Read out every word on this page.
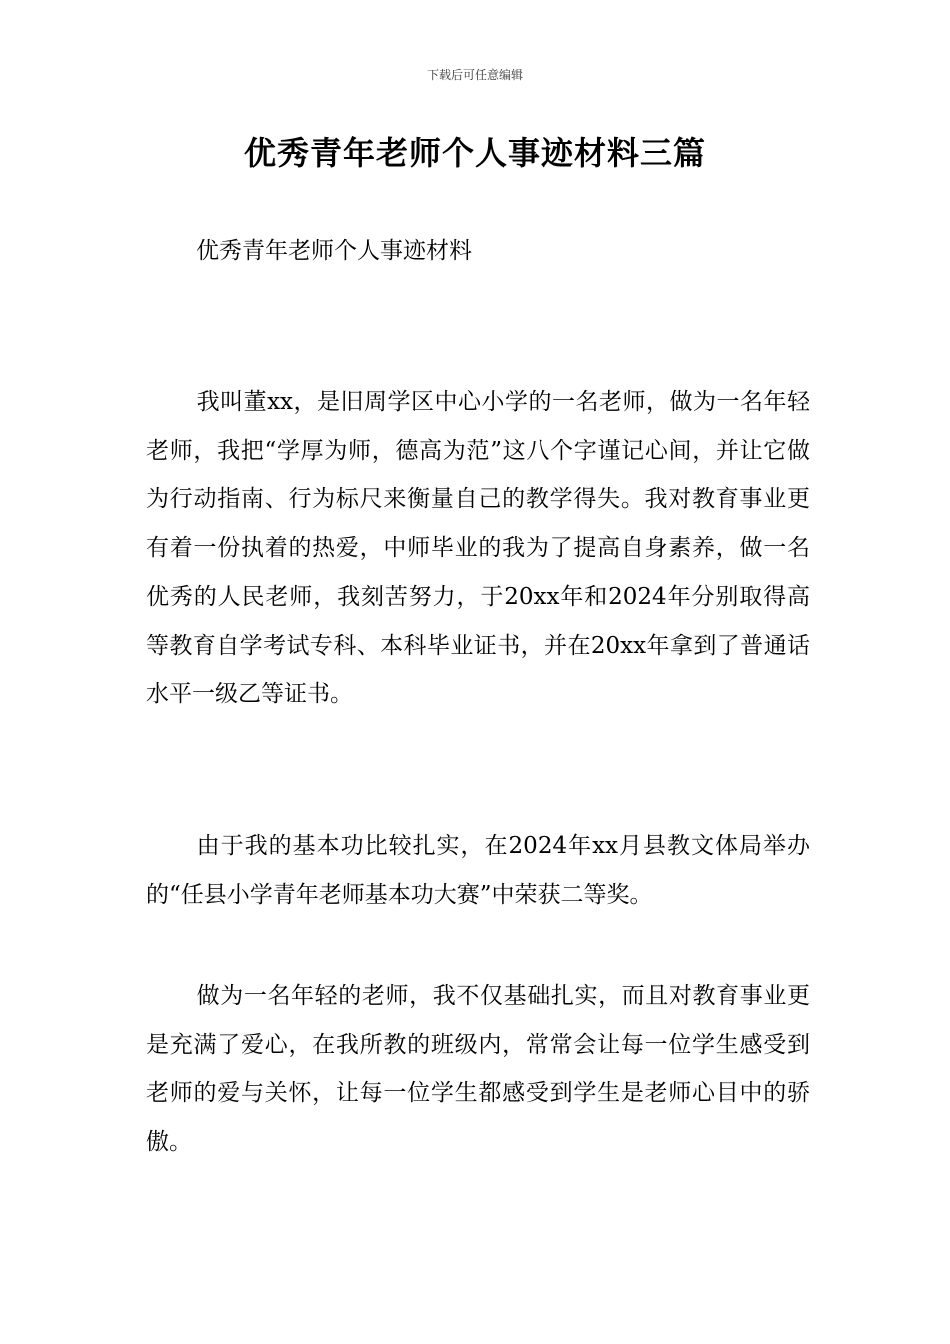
下载后可任意编辑
优秀青年老师个人事迹材料三篇

优秀青年老师个人事迹材料

我叫董xx，是旧周学区中心小学的一名老师，做为一名年轻老师，我把“学厚为师，德高为范”这八个字谨记心间，并让它做为行动指南、行为标尺来衡量自己的教学得失。我对教育事业更有着一份执着的热爱，中师毕业的我为了提高自身素养，做一名优秀的人民老师，我刻苦努力，于20xx年和2024年分别取得高等教育自学考试专科、本科毕业证书，并在20xx年拿到了普通话水平一级乙等证书。

由于我的基本功比较扎实，在2024年xx月县教文体局举办的“任县小学青年老师基本功大赛”中荣获二等奖。

做为一名年轻的老师，我不仅基础扎实，而且对教育事业更是充满了爱心，在我所教的班级内，常常会让每一位学生感受到老师的爱与关怀，让每一位学生都感受到学生是老师心目中的骄傲。
